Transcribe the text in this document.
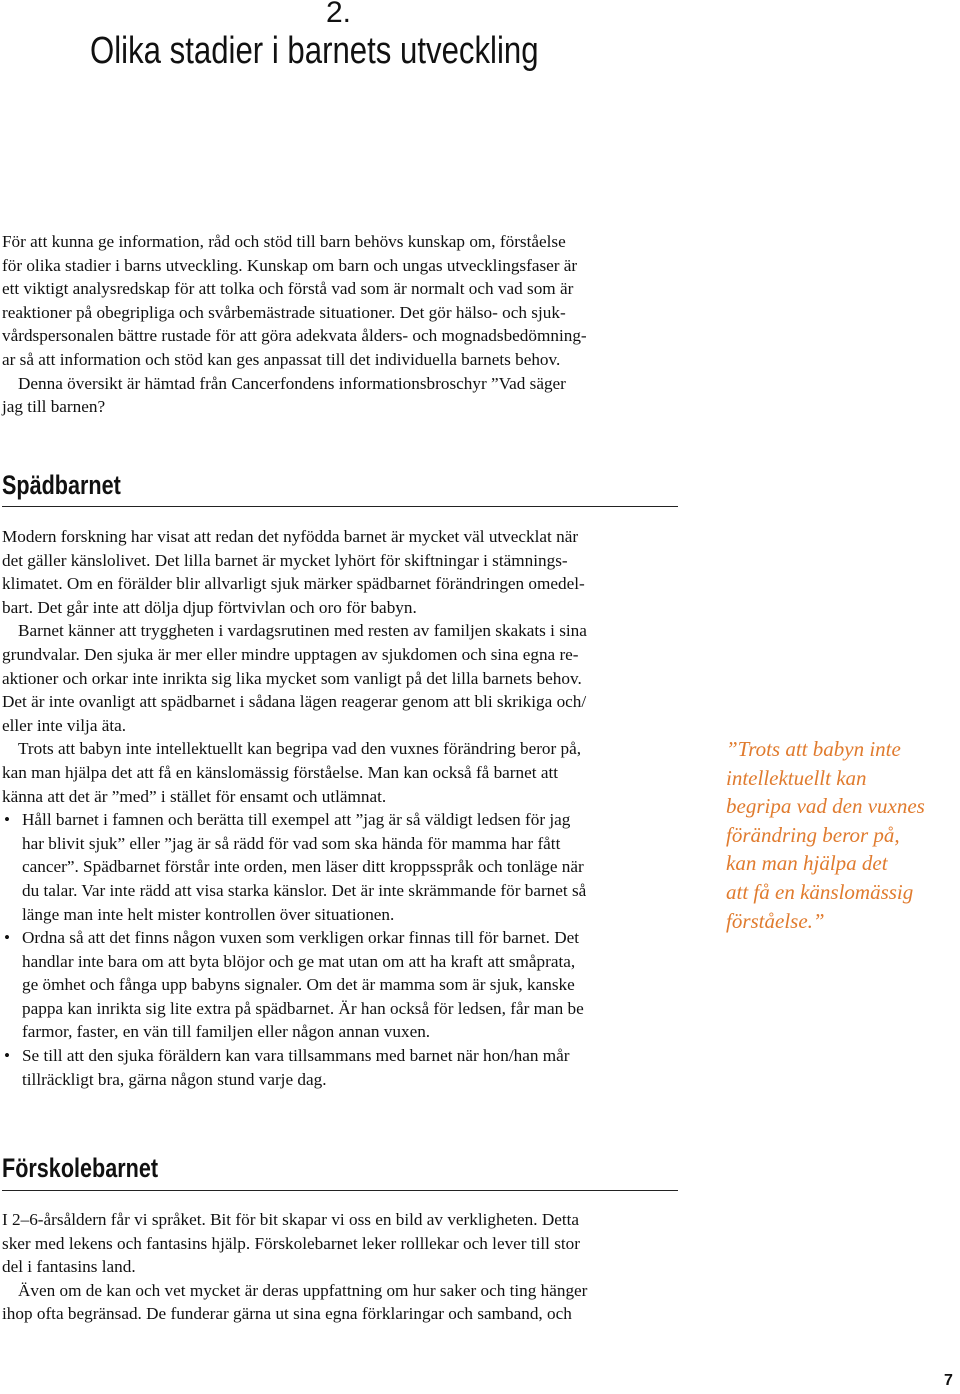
2.
Olika stadier i barnets utveckling

För att kunna ge information, råd och stöd till barn behövs kunskap om, förståelse
för olika stadier i barns utveckling. Kunskap om barn och ungas utvecklingsfaser är
ett viktigt analysredskap för att tolka och förstå vad som är normalt och vad som är
reaktioner på obegripliga och svårbemästrade situationer. Det gör hälso- och sjuk-
vårdspersonalen bättre rustade för att göra adekvata ålders- och mognadsbedömning-
ar så att information och stöd kan ges anpassat till det individuella barnets behov.

Denna översikt är hämtad från Cancerfondens informationsbroschyr ”Vad säger
jag till barnen?

Spädbarnet

Modern forskning har visat att redan det nyfödda barnet är mycket väl utvecklat när
det gäller känslolivet. Det lilla barnet är mycket lyhört för skiftningar i stämnings-
klimatet. Om en förälder blir allvarligt sjuk märker spädbarnet förändringen omedel-
bart. Det går inte att dölja djup förtvivlan och oro för babyn.

Barnet känner att tryggheten i vardagsrutinen med resten av familjen skakats i sina
grundvalar. Den sjuka är mer eller mindre upptagen av sjukdomen och sina egna re-
aktioner och orkar inte inrikta sig lika mycket som vanligt på det lilla barnets behov.
Det är inte ovanligt att spädbarnet i sådana lägen reagerar genom att bli skrikiga och/
eller inte vilja äta.

Trots att babyn inte intellektuellt kan begripa vad den vuxnes förändring beror på,
kan man hjälpa det att få en känslomässig förståelse. Man kan också få barnet att
känna att det är ”med” i stället för ensamt och utlämnat.

• Håll barnet i famnen och berätta till exempel att ”jag är så väldigt ledsen för jag
har blivit sjuk” eller ”jag är så rädd för vad som ska hända för mamma har fått
cancer”. Spädbarnet förstår inte orden, men läser ditt kroppsspråk och tonläge när
du talar. Var inte rädd att visa starka känslor. Det är inte skrämmande för barnet så
länge man inte helt mister kontrollen över situationen.
• Ordna så att det finns någon vuxen som verkligen orkar finnas till för barnet. Det
handlar inte bara om att byta blöjor och ge mat utan om att ha kraft att småprata,
ge ömhet och fånga upp babyns signaler. Om det är mamma som är sjuk, kanske
pappa kan inrikta sig lite extra på spädbarnet. Är han också för ledsen, får man be
farmor, faster, en vän till familjen eller någon annan vuxen.
• Se till att den sjuka föräldern kan vara tillsammans med barnet när hon/han mår
tillräckligt bra, gärna någon stund varje dag.
”Trots att babyn inte
intellektuellt kan
begripa vad den vuxnes
förändring beror på,
kan man hjälpa det
att få en känslomässig
förståelse.”
Förskolebarnet

I 2–6-årsåldern får vi språket. Bit för bit skapar vi oss en bild av verkligheten. Detta
sker med lekens och fantasins hjälp. Förskolebarnet leker rolllekar och lever till stor
del i fantasins land.

Även om de kan och vet mycket är deras uppfattning om hur saker och ting hänger
ihop ofta begränsad. De funderar gärna ut sina egna förklaringar och samband, och

7
